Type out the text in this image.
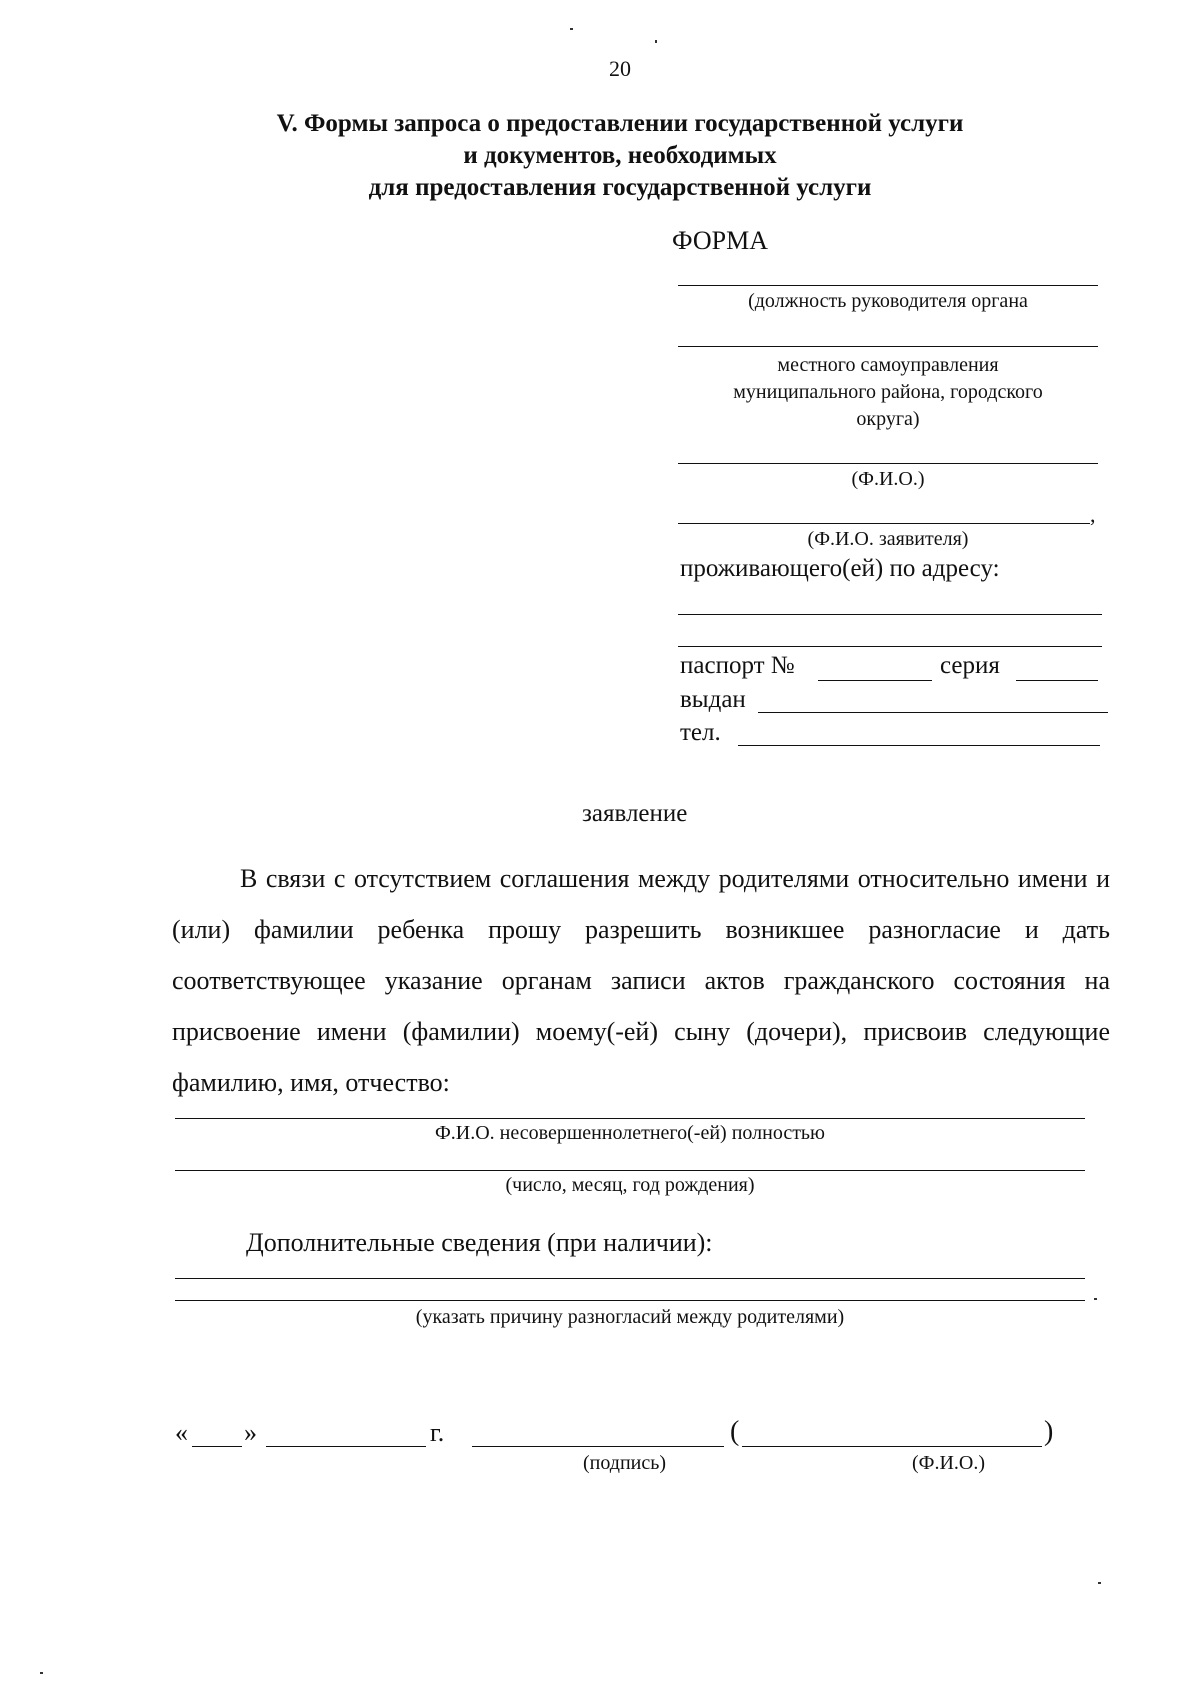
20
V. Формы запроса о предоставлении государственной услуги
и документов, необходимых
для предоставления государственной услуги
ФОРМА
(должность руководителя органа
местного самоуправления
муниципального района, городского
округа)
(Ф.И.О.)
,
(Ф.И.О. заявителя)
проживающего(ей) по адресу:
паспорт №	серия
выдан
тел.
заявление
В связи с отсутствием соглашения между родителями относительно имени и (или) фамилии ребенка прошу разрешить возникшее разногласие и дать соответствующее указание органам записи актов гражданского состояния на присвоение имени (фамилии) моему(-ей) сыну (дочери), присвоив следующие фамилию, имя, отчество:
Ф.И.О. несовершеннолетнего(-ей) полностью
(число, месяц, год рождения)
Дополнительные сведения (при наличии):
(указать причину разногласий между родителями)
« »	г.	(	)
(подпись)	(Ф.И.О.)
